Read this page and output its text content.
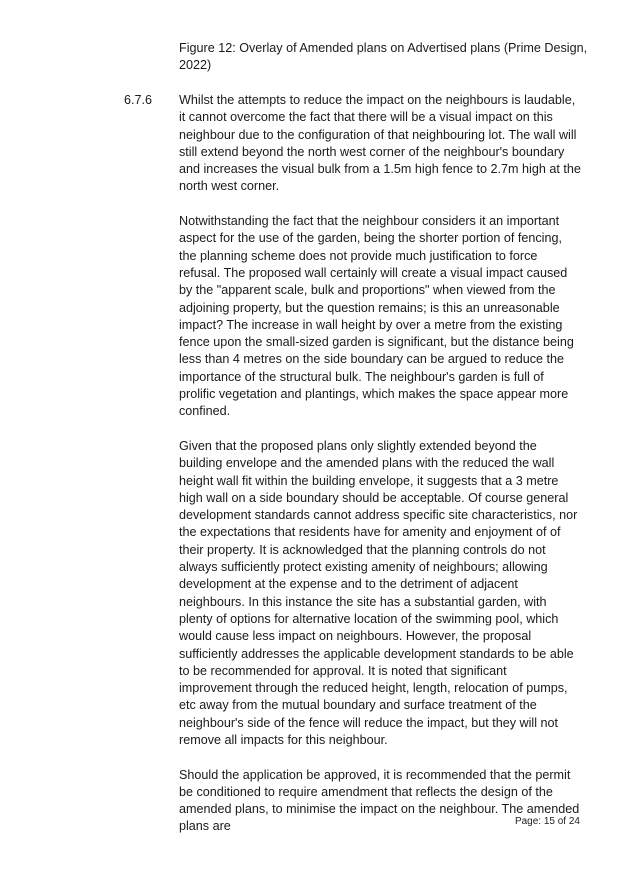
Figure 12: Overlay of Amended plans on Advertised plans (Prime Design, 2022)
6.7.6 Whilst the attempts to reduce the impact on the neighbours is laudable, it cannot overcome the fact that there will be a visual impact on this neighbour due to the configuration of that neighbouring lot. The wall will still extend beyond the north west corner of the neighbour's boundary and increases the visual bulk from a 1.5m high fence to 2.7m high at the north west corner.

Notwithstanding the fact that the neighbour considers it an important aspect for the use of the garden, being the shorter portion of fencing, the planning scheme does not provide much justification to force refusal. The proposed wall certainly will create a visual impact caused by the "apparent scale, bulk and proportions" when viewed from the adjoining property, but the question remains; is this an unreasonable impact? The increase in wall height by over a metre from the existing fence upon the small-sized garden is significant, but the distance being less than 4 metres on the side boundary can be argued to reduce the importance of the structural bulk. The neighbour's garden is full of prolific vegetation and plantings, which makes the space appear more confined.

Given that the proposed plans only slightly extended beyond the building envelope and the amended plans with the reduced the wall height wall fit within the building envelope, it suggests that a 3 metre high wall on a side boundary should be acceptable. Of course general development standards cannot address specific site characteristics, nor the expectations that residents have for amenity and enjoyment of of their property. It is acknowledged that the planning controls do not always sufficiently protect existing amenity of neighbours; allowing development at the expense and to the detriment of adjacent neighbours. In this instance the site has a substantial garden, with plenty of options for alternative location of the swimming pool, which would cause less impact on neighbours. However, the proposal sufficiently addresses the applicable development standards to be able to be recommended for approval. It is noted that significant improvement through the reduced height, length, relocation of pumps, etc away from the mutual boundary and surface treatment of the neighbour's side of the fence will reduce the impact, but they will not remove all impacts for this neighbour.

Should the application be approved, it is recommended that the permit be conditioned to require amendment that reflects the design of the amended plans, to minimise the impact on the neighbour. The amended plans are	Page: 15 of 24
